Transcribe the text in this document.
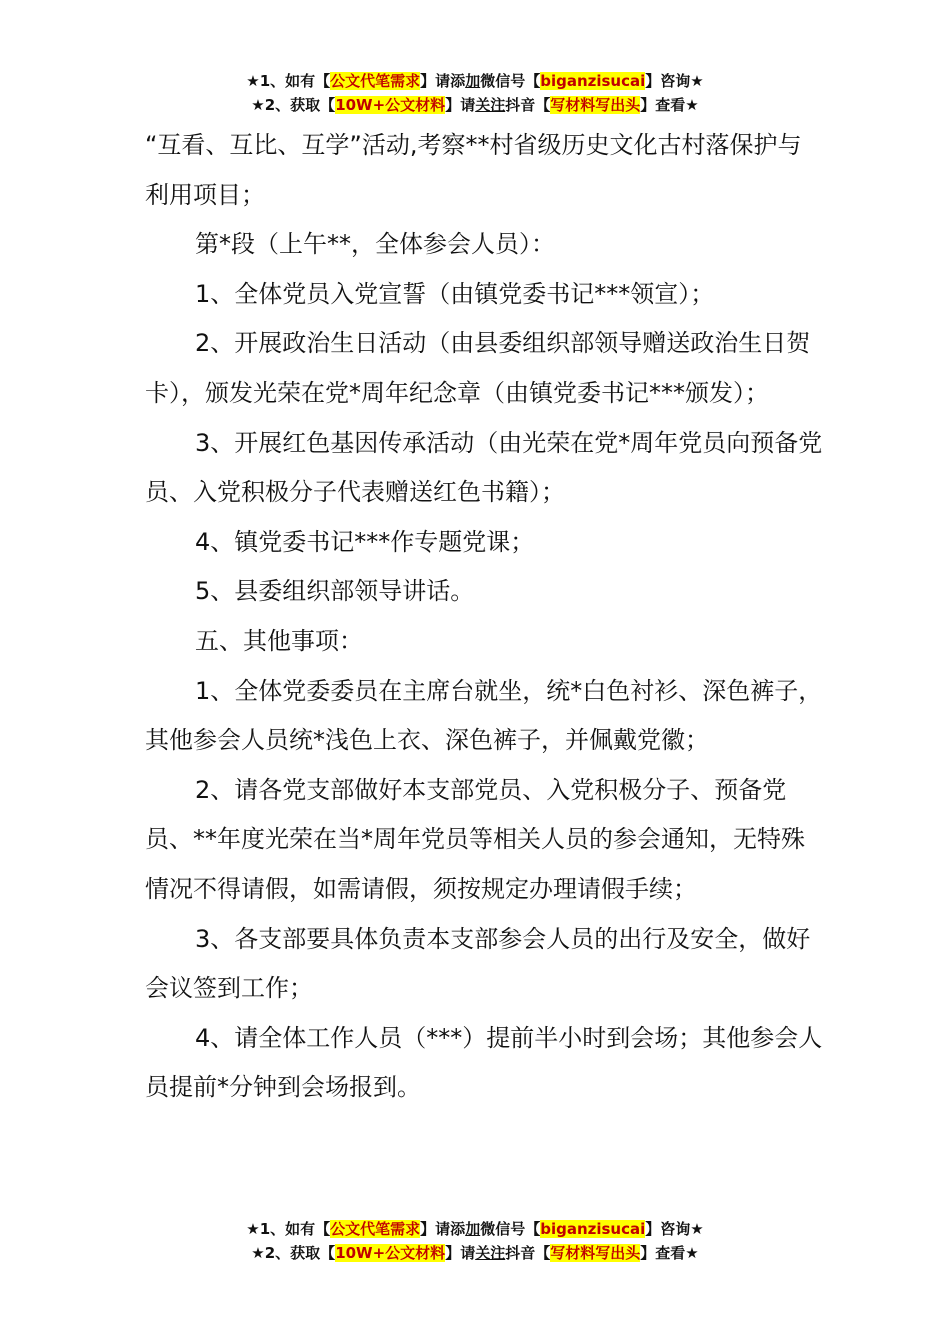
★1、如有【公文代笔需求】请添加微信号【biganzisucai】咨询★
★2、获取【10W+公文材料】请关注抖音【写材料写出头】查看★

“互看、互比、互学”活动,考察**村省级历史文化古村落保护与利用项目；

第*段（上午**，全体参会人员）：

1、全体党员入党宣誓（由镇党委书记***领宣）；

2、开展政治生日活动（由县委组织部领导赠送政治生日贺卡），颁发光荣在党*周年纪念章（由镇党委书记***颁发）；

3、开展红色基因传承活动（由光荣在党*周年党员向预备党员、入党积极分子代表赠送红色书籍）；

4、镇党委书记***作专题党课；

5、县委组织部领导讲话。

五、其他事项：

1、全体党委委员在主席台就坐，统*白色衬衫、深色裤子，其他参会人员统*浅色上衣、深色裤子，并佩戴党徽；

2、请各党支部做好本支部党员、入党积极分子、预备党员、**年度光荣在当*周年党员等相关人员的参会通知，无特殊情况不得请假，如需请假，须按规定办理请假手续；

3、各支部要具体负责本支部参会人员的出行及安全，做好会议签到工作；

4、请全体工作人员（***）提前半小时到会场；其他参会人员提前*分钟到会场报到。

★1、如有【公文代笔需求】请添加微信号【biganzisucai】咨询★
★2、获取【10W+公文材料】请关注抖音【写材料写出头】查看★
